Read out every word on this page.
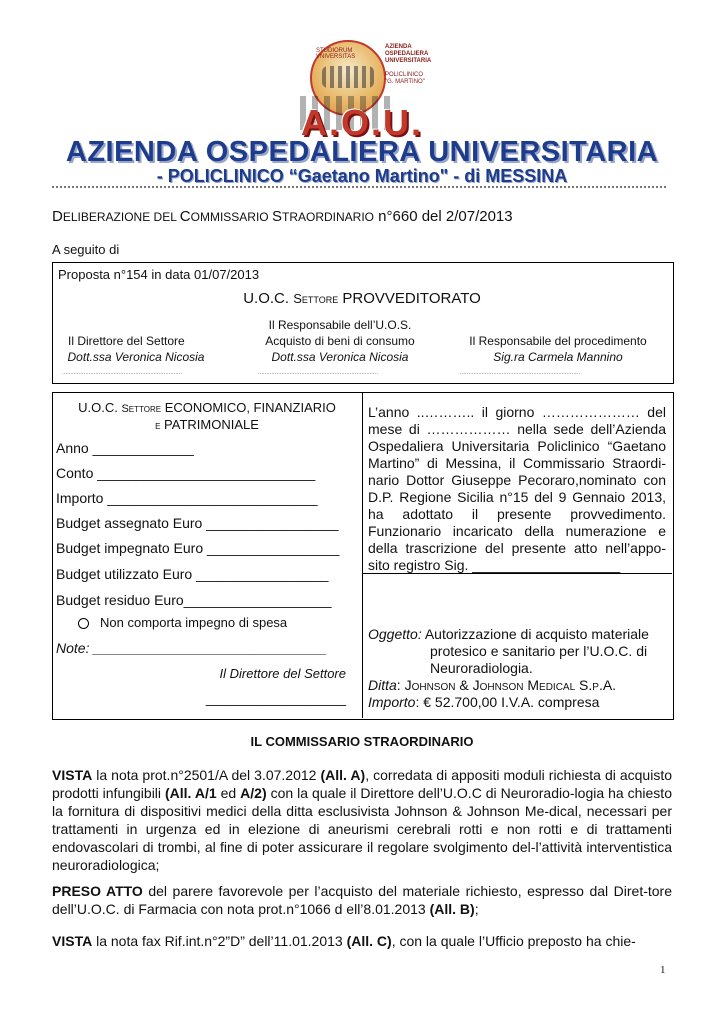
STUDIORUM VNIVERSITAS
AZIENDA
OSPEDALIERA
UNIVERSITARIA
POLICLINICO
"G. MARTINO"
A.O.U.
AZIENDA OSPEDALIERA UNIVERSITARIA
- POLICLINICO “Gaetano Martino" - di MESSINA
DELIBERAZIONE DEL COMMISSARIO STRAORDINARIO n°660 del 2/07/2013
A seguito di
Proposta n°154 in data 01/07/2013
U.O.C. Settore PROVVEDITORATO
Il Direttore del Settore
Dott.ssa Veronica Nicosia
Il Responsabile dell’U.O.S.
Acquisto di beni di consumo
Dott.ssa Veronica Nicosia
Il Responsabile del procedimento
Sig.ra Carmela Mannino
........................................................................	........................................................................	........................................................................
U.O.C. Settore ECONOMICO, FINANZIARIO
e PATRIMONIALE
Anno _____________
Conto ____________________________
Importo ___________________________
Budget assegnato Euro _________________
Budget impegnato Euro _________________
Budget utilizzato Euro _________________
Budget residuo Euro___________________
Non comporta impegno di spesa
Note: ______________________________
Il Direttore del Settore
__________________
L’anno ..……….. il giorno ………………… del mese di ……………… nella sede dell’Azienda Ospedaliera Universitaria Policlinico “Gaetano Martino” di Messina, il Commissario Straordi-nario Dottor Giuseppe Pecoraro,nominato con D.P. Regione Sicilia n°15 del 9 Gennaio 2013, ha adottato il presente provvedimento. Funzionario incaricato della numerazione e della trascrizione del presente atto nell’appo-sito registro Sig. ___________________
Oggetto: Autorizzazione di acquisto materiale
protesico e sanitario per l’U.O.C. di
Neuroradiologia.
Ditta: Johnson & Johnson Medical S.p.A.
Importo: € 52.700,00 I.V.A. compresa
IL COMMISSARIO STRAORDINARIO
VISTA la nota prot.n°2501/A del 3.07.2012 (All. A), corredata di appositi moduli richiesta di acquisto prodotti infungibili (All. A/1 ed A/2) con la quale il Direttore dell’U.O.C di Neuroradio-logia ha chiesto la fornitura di dispositivi medici della ditta esclusivista Johnson & Johnson Me-dical, necessari per trattamenti in urgenza ed in elezione di aneurismi cerebrali rotti e non rotti e di trattamenti endovascolari di trombi, al fine di poter assicurare il regolare svolgimento del-l’attività interventistica neuroradiologica;
PRESO ATTO del parere favorevole per l’acquisto del materiale richiesto, espresso dal Diret-tore dell’U.O.C. di Farmacia con nota prot.n°1066 d ell’8.01.2013 (All. B);
VISTA la nota fax Rif.int.n°2”D” dell’11.01.2013 (All. C), con la quale l’Ufficio preposto ha chie-
1
